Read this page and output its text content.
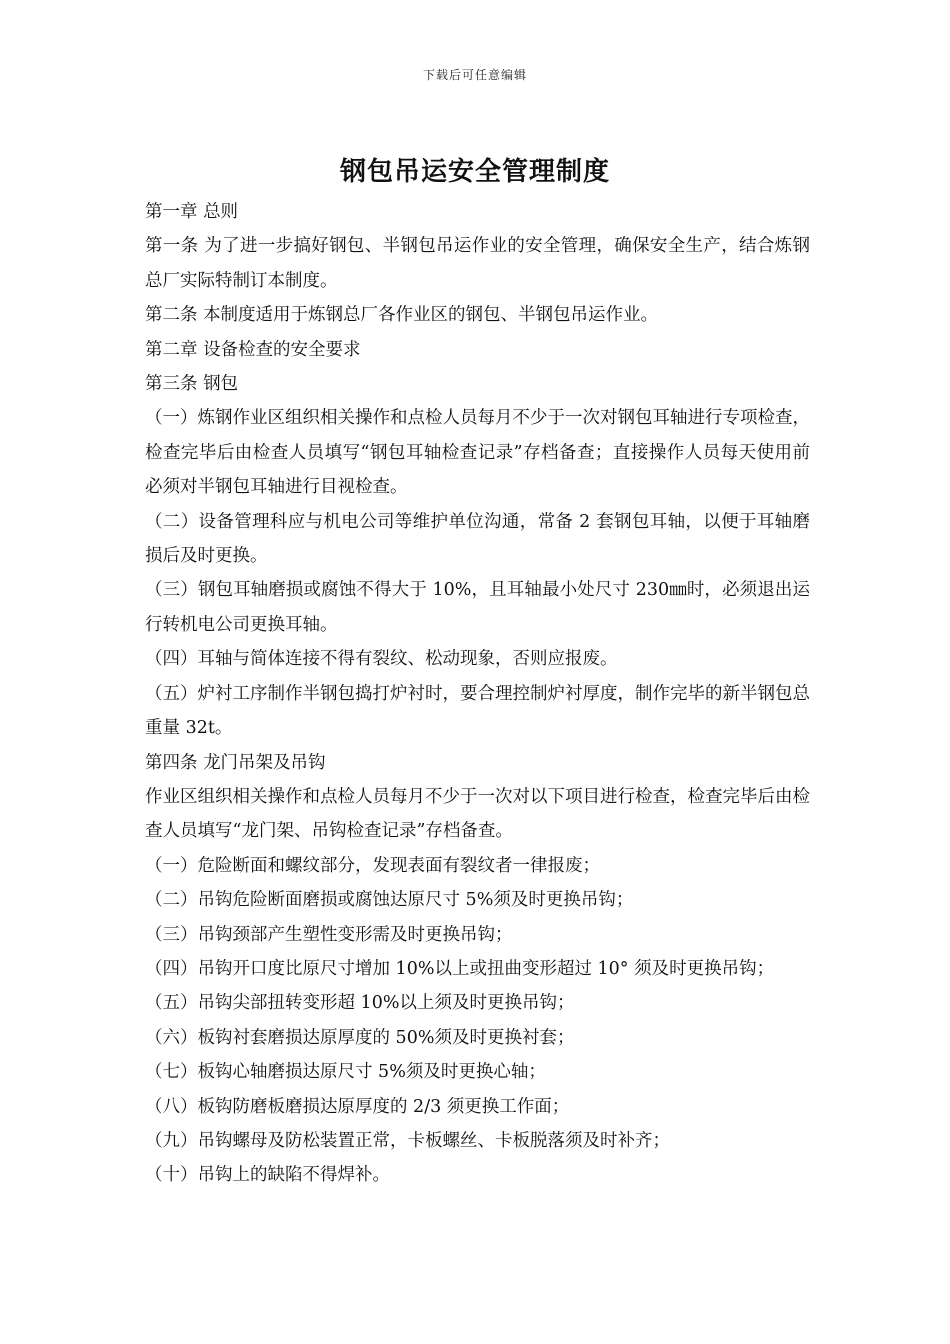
下载后可任意编辑
钢包吊运安全管理制度

第一章 总则

第一条 为了进一步搞好钢包、半钢包吊运作业的安全管理，确保安全生产，结合炼钢总厂实际特制订本制度。

第二条 本制度适用于炼钢总厂各作业区的钢包、半钢包吊运作业。

第二章 设备检查的安全要求

第三条 钢包

（一）炼钢作业区组织相关操作和点检人员每月不少于一次对钢包耳轴进行专项检查，检查完毕后由检查人员填写“钢包耳轴检查记录”存档备查；直接操作人员每天使用前必须对半钢包耳轴进行目视检查。

（二）设备管理科应与机电公司等维护单位沟通，常备 2 套钢包耳轴，以便于耳轴磨损后及时更换。

（三）钢包耳轴磨损或腐蚀不得大于 10%，且耳轴最小处尺寸 230㎜时，必须退出运行转机电公司更换耳轴。

（四）耳轴与简体连接不得有裂纹、松动现象，否则应报废。

（五）炉衬工序制作半钢包捣打炉衬时，要合理控制炉衬厚度，制作完毕的新半钢包总重量 32t。

第四条 龙门吊架及吊钩

作业区组织相关操作和点检人员每月不少于一次对以下项目进行检查，检查完毕后由检查人员填写“龙门架、吊钩检查记录”存档备查。

（一）危险断面和螺纹部分，发现表面有裂纹者一律报废；

（二）吊钩危险断面磨损或腐蚀达原尺寸 5%须及时更换吊钩；

（三）吊钩颈部产生塑性变形需及时更换吊钩；

（四）吊钩开口度比原尺寸增加 10%以上或扭曲变形超过 10° 须及时更换吊钩；

（五）吊钩尖部扭转变形超 10%以上须及时更换吊钩；

（六）板钩衬套磨损达原厚度的 50%须及时更换衬套；

（七）板钩心轴磨损达原尺寸 5%须及时更换心轴；

（八）板钩防磨板磨损达原厚度的 2/3 须更换工作面；

（九）吊钩螺母及防松装置正常，卡板螺丝、卡板脱落须及时补齐；

（十）吊钩上的缺陷不得焊补。
